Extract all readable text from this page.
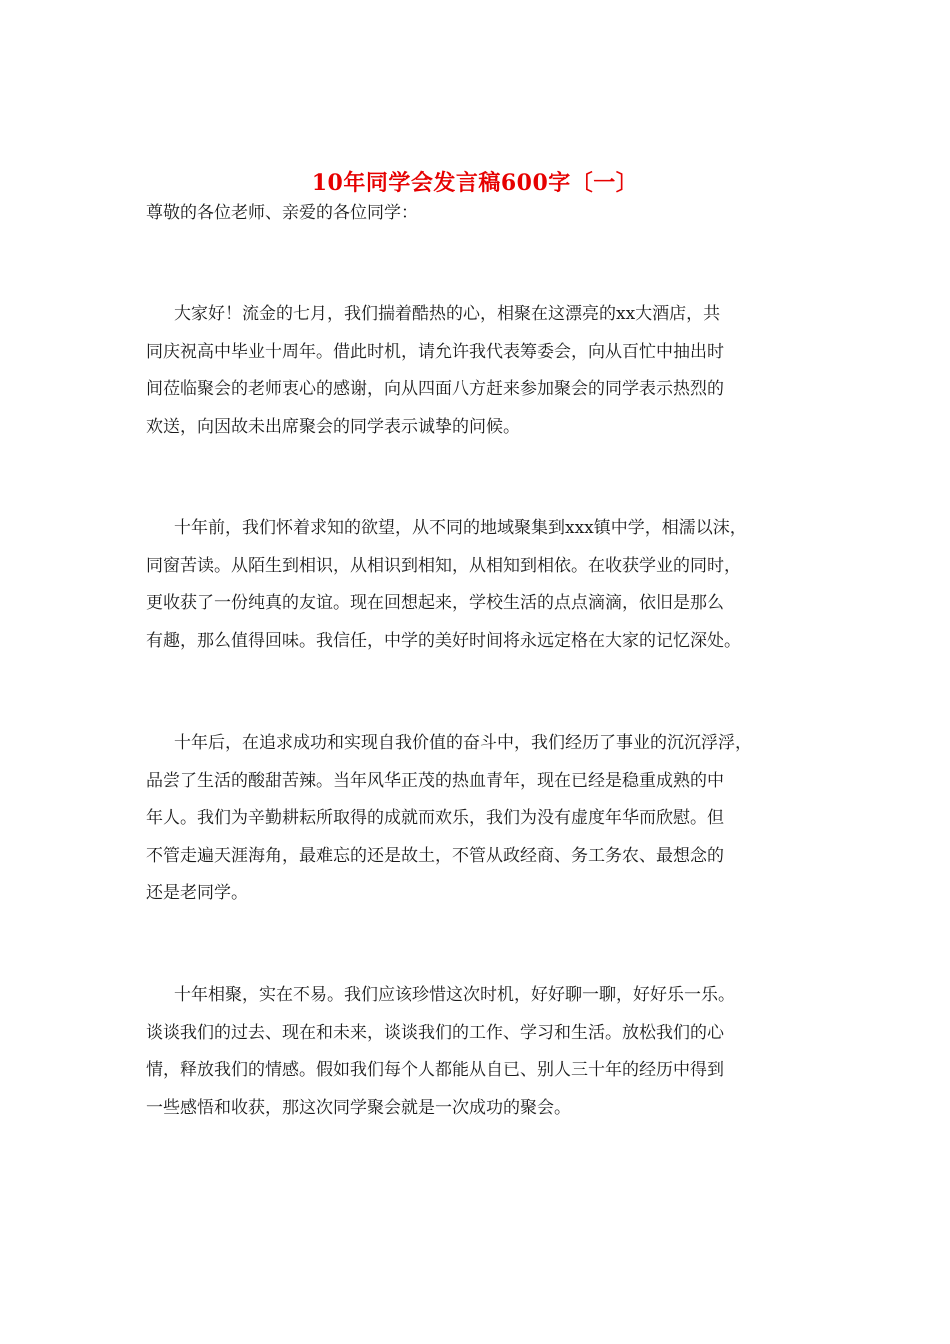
10年同学会发言稿600字〔一〕

尊敬的各位老师、亲爱的各位同学：

大家好！流金的七月，我们揣着酷热的心，相聚在这漂亮的xx大酒店，共
同庆祝高中毕业十周年。借此时机，请允许我代表筹委会，向从百忙中抽出时
间莅临聚会的老师衷心的感谢，向从四面八方赶来参加聚会的同学表示热烈的
欢送，向因故未出席聚会的同学表示诚挚的问候。

十年前，我们怀着求知的欲望，从不同的地域聚集到xxx镇中学，相濡以沫，
同窗苦读。从陌生到相识，从相识到相知，从相知到相依。在收获学业的同时，
更收获了一份纯真的友谊。现在回想起来，学校生活的点点滴滴，依旧是那么
有趣，那么值得回味。我信任，中学的美好时间将永远定格在大家的记忆深处。

十年后，在追求成功和实现自我价值的奋斗中，我们经历了事业的沉沉浮浮，
品尝了生活的酸甜苦辣。当年风华正茂的热血青年，现在已经是稳重成熟的中
年人。我们为辛勤耕耘所取得的成就而欢乐，我们为没有虚度年华而欣慰。但
不管走遍天涯海角，最难忘的还是故土，不管从政经商、务工务农、最想念的
还是老同学。

十年相聚，实在不易。我们应该珍惜这次时机，好好聊一聊，好好乐一乐。
谈谈我们的过去、现在和未来，谈谈我们的工作、学习和生活。放松我们的心
情，释放我们的情感。假如我们每个人都能从自已、别人三十年的经历中得到
一些感悟和收获，那这次同学聚会就是一次成功的聚会。
